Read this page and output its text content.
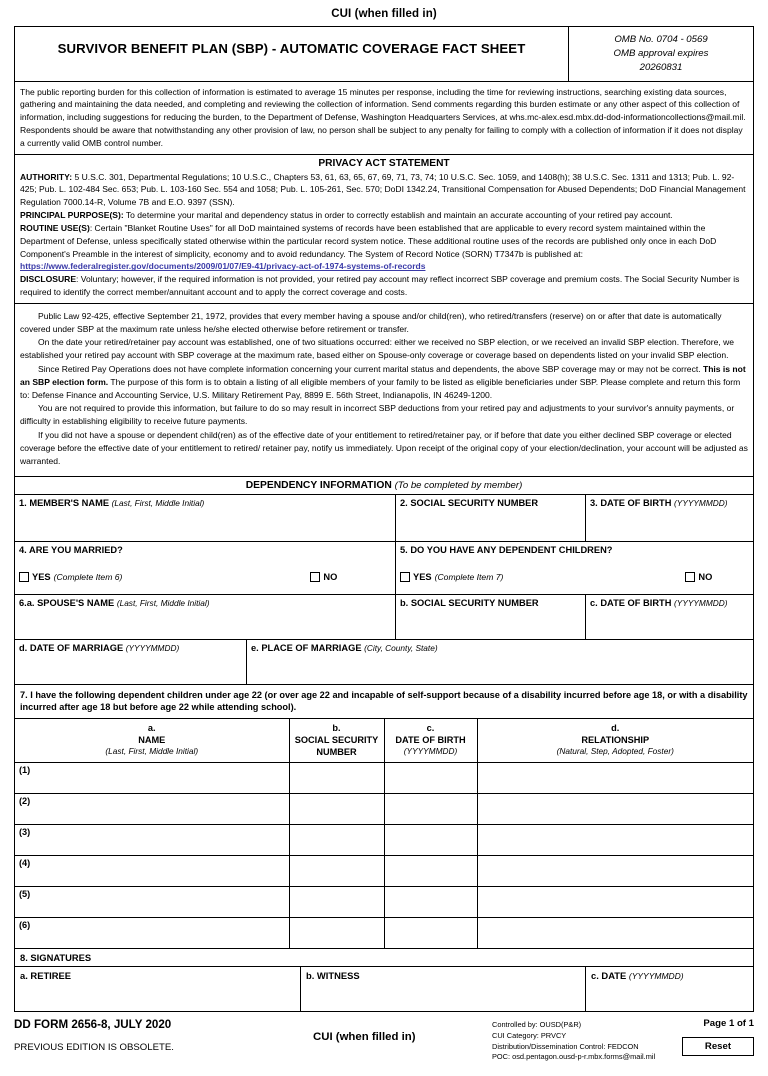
CUI (when filled in)
SURVIVOR BENEFIT PLAN (SBP) - AUTOMATIC COVERAGE FACT SHEET
OMB No. 0704 - 0569
OMB approval expires
20260831
The public reporting burden for this collection of information is estimated to average 15 minutes per response, including the time for reviewing instructions, searching existing data sources, gathering and maintaining the data needed, and completing and reviewing the collection of information. Send comments regarding this burden estimate or any other aspect of this collection of information, including suggestions for reducing the burden, to the Department of Defense, Washington Headquarters Services, at whs.mc-alex.esd.mbx.dd-dod-informationcollections@mail.mil. Respondents should be aware that notwithstanding any other provision of law, no person shall be subject to any penalty for failing to comply with a collection of information if it does not display a currently valid OMB control number.
PRIVACY ACT STATEMENT

AUTHORITY: 5 U.S.C. 301, Departmental Regulations; 10 U.S.C., Chapters 53, 61, 63, 65, 67, 69, 71, 73, 74; 10 U.S.C. Sec. 1059, and 1408(h); 38 U.S.C. Sec. 1311 and 1313; Pub. L. 92-425; Pub. L. 102-484 Sec. 653; Pub. L. 103-160 Sec. 554 and 1058; Pub. L. 105-261, Sec. 570; DoDI 1342.24, Transitional Compensation for Abused Dependents; DoD Financial Management Regulation 7000.14-R, Volume 7B and E.O. 9397 (SSN).

PRINCIPAL PURPOSE(S): To determine your marital and dependency status in order to correctly establish and maintain an accurate accounting of your retired pay account.

ROUTINE USE(S): Certain "Blanket Routine Uses" for all DoD maintained systems of records have been established that are applicable to every record system maintained within the Department of Defense, unless specifically stated otherwise within the particular record system notice. These additional routine uses of the records are published only once in each DoD Component's Preamble in the interest of simplicity, economy and to avoid redundancy. The System of Record Notice (SORN) T7347b is published at:

https://www.federalregister.gov/documents/2009/01/07/E9-41/privacy-act-of-1974-systems-of-records

DISCLOSURE: Voluntary; however, if the required information is not provided, your retired pay account may reflect incorrect SBP coverage and premium costs. The Social Security Number is required to identify the correct member/annuitant account and to apply the correct coverage and costs.

Public Law 92-425, effective September 21, 1972, provides that every member having a spouse and/or child(ren), who retired/transfers (reserve) on or after that date is automatically covered under SBP at the maximum rate unless he/she elected otherwise before retirement or transfer.

On the date your retired/retainer pay account was established, one of two situations occurred: either we received no SBP election, or we received an invalid SBP election. Therefore, we established your retired pay account with SBP coverage at the maximum rate, based either on Spouse-only coverage or coverage based on dependents listed on your invalid SBP election.

Since Retired Pay Operations does not have complete information concerning your current marital status and dependents, the above SBP coverage may or may not be correct. This is not an SBP election form. The purpose of this form is to obtain a listing of all eligible members of your family to be listed as eligible beneficiaries under SBP. Please complete and return this form to: Defense Finance and Accounting Service, U.S. Military Retirement Pay, 8899 E. 56th Street, Indianapolis, IN 46249-1200.

You are not required to provide this information, but failure to do so may result in incorrect SBP deductions from your retired pay and adjustments to your survivor's annuity payments, or difficulty in establishing eligibility to receive future payments.

If you did not have a spouse or dependent child(ren) as of the effective date of your entitlement to retired/retainer pay, or if before that date you either declined SBP coverage or elected coverage before the effective date of your entitlement to retired/ retainer pay, notify us immediately. Upon receipt of the original copy of your election/declination, your account will be adjusted as warranted.

DEPENDENCY INFORMATION (To be completed by member)
1. MEMBER'S NAME (Last, First, Middle Initial)	2. SOCIAL SECURITY NUMBER	3. DATE OF BIRTH (YYYYMMDD)
4. ARE YOU MARRIED?
YES (Complete Item 6)	NO
5. DO YOU HAVE ANY DEPENDENT CHILDREN?
YES (Complete Item 7)	NO
6.a. SPOUSE'S NAME (Last, First, Middle Initial)	b. SOCIAL SECURITY NUMBER	c. DATE OF BIRTH (YYYYMMDD)
d. DATE OF MARRIAGE (YYYYMMDD)	e. PLACE OF MARRIAGE (City, County, State)
7. I have the following dependent children under age 22 (or over age 22 and incapable of self-support because of a disability incurred before age 18, or with a disability incurred after age 18 but before age 22 while attending school).
a.
NAME
(Last, First, Middle Initial)

b.
SOCIAL SECURITY NUMBER

c.
DATE OF BIRTH
(YYYYMMDD)

d.
RELATIONSHIP
(Natural, Step, Adopted, Foster)

(1)			
(2)			
(3)			
(4)			
(5)			
(6)			
8. SIGNATURES
a. RETIREE	b. WITNESS	c. DATE (YYYYMMDD)
DD FORM 2656-8, JULY 2020
PREVIOUS EDITION IS OBSOLETE.
CUI (when filled in)
Controlled by: OUSD(P&R)
CUI Category: PRVCY
Distribution/Dissemination Control: FEDCON
POC: osd.pentagon.ousd-p-r.mbx.forms@mail.mil
Page 1 of 1
Reset
